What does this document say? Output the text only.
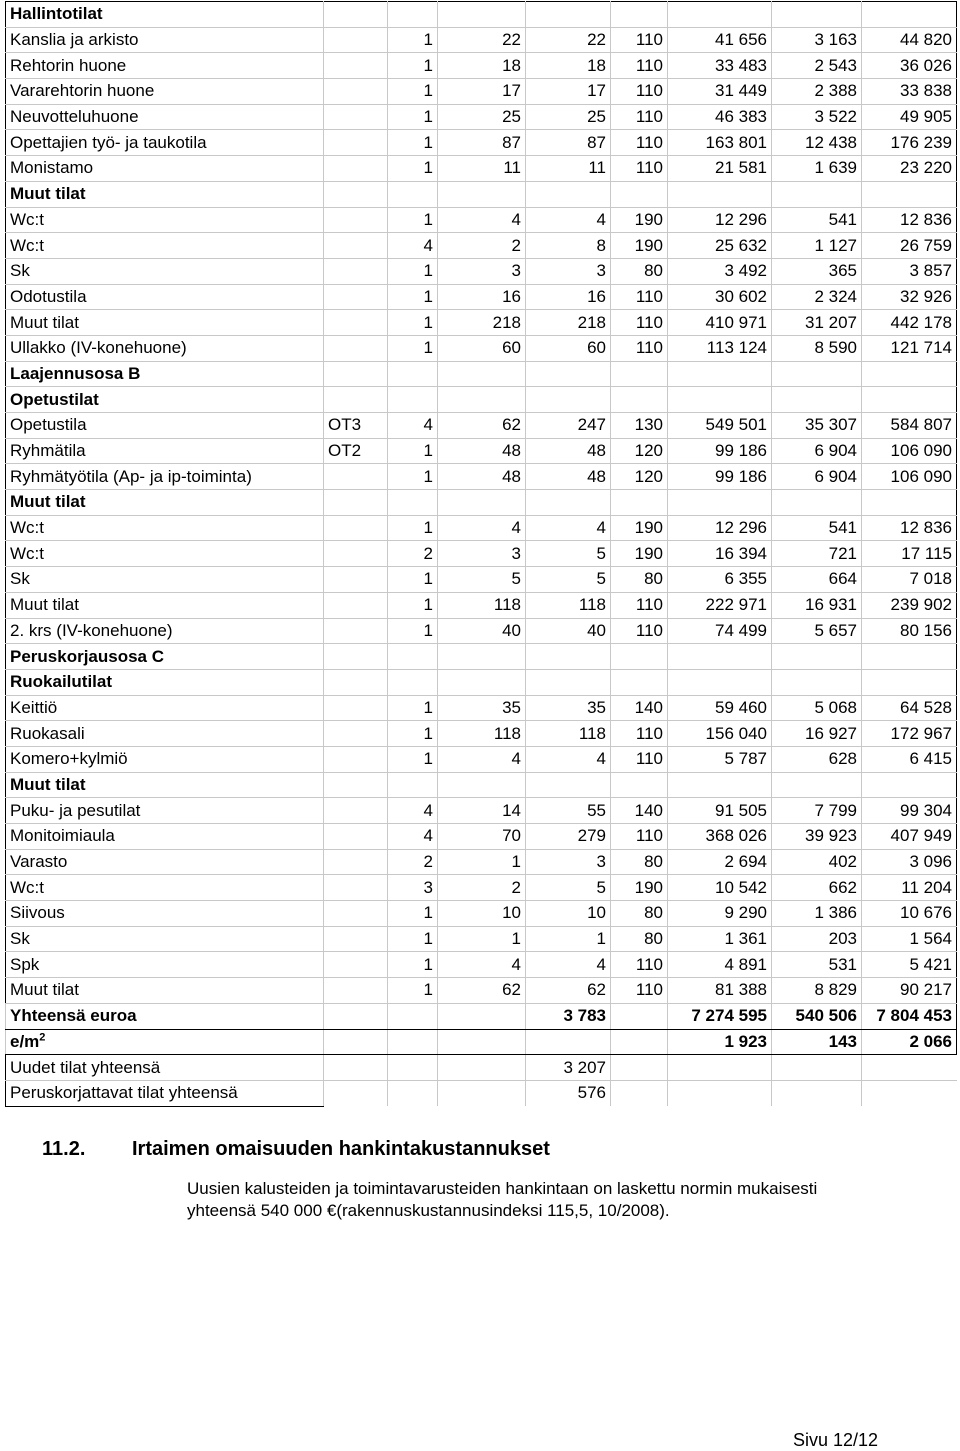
Hallintotilat								
Kanslia ja arkisto		1	22	22	110	41 656	3 163	44 820
Rehtorin huone		1	18	18	110	33 483	2 543	36 026
Vararehtorin huone		1	17	17	110	31 449	2 388	33 838
Neuvotteluhuone		1	25	25	110	46 383	3 522	49 905
Opettajien työ- ja taukotila		1	87	87	110	163 801	12 438	176 239
Monistamo		1	11	11	110	21 581	1 639	23 220
Muut tilat								
Wc:t		1	4	4	190	12 296	541	12 836
Wc:t		4	2	8	190	25 632	1 127	26 759
Sk		1	3	3	80	3 492	365	3 857
Odotustila		1	16	16	110	30 602	2 324	32 926
Muut tilat		1	218	218	110	410 971	31 207	442 178
Ullakko (IV-konehuone)		1	60	60	110	113 124	8 590	121 714
Laajennusosa B								
Opetustilat								
Opetustila	OT3	4	62	247	130	549 501	35 307	584 807
Ryhmätila	OT2	1	48	48	120	99 186	6 904	106 090
Ryhmätyötila (Ap- ja ip-toiminta)		1	48	48	120	99 186	6 904	106 090
Muut tilat								
Wc:t		1	4	4	190	12 296	541	12 836
Wc:t		2	3	5	190	16 394	721	17 115
Sk		1	5	5	80	6 355	664	7 018
Muut tilat		1	118	118	110	222 971	16 931	239 902
2. krs (IV-konehuone)		1	40	40	110	74 499	5 657	80 156
Peruskorjausosa C								
Ruokailutilat								
Keittiö		1	35	35	140	59 460	5 068	64 528
Ruokasali		1	118	118	110	156 040	16 927	172 967
Komero+kylmiö		1	4	4	110	5 787	628	6 415
Muut tilat								
Puku- ja pesutilat		4	14	55	140	91 505	7 799	99 304
Monitoimiaula		4	70	279	110	368 026	39 923	407 949
Varasto		2	1	3	80	2 694	402	3 096
Wc:t		3	2	5	190	10 542	662	11 204
Siivous		1	10	10	80	9 290	1 386	10 676
Sk		1	1	1	80	1 361	203	1 564
Spk		1	4	4	110	4 891	531	5 421
Muut tilat		1	62	62	110	81 388	8 829	90 217
Yhteensä euroa				3 783		7 274 595	540 506	7 804 453
$e/m^2$						1 923	143	2 066
Uudet tilat yhteensä				3 207				
Peruskorjattavat tilat yhteensä				576				
11.2. Irtaimen omaisuuden hankintakustannukset
Uusien kalusteiden ja toimintavarusteiden hankintaan on laskettu normin mukaisesti yhteensä 540 000 €(rakennuskustannusindeksi 115,5, 10/2008).
Sivu 12/12
